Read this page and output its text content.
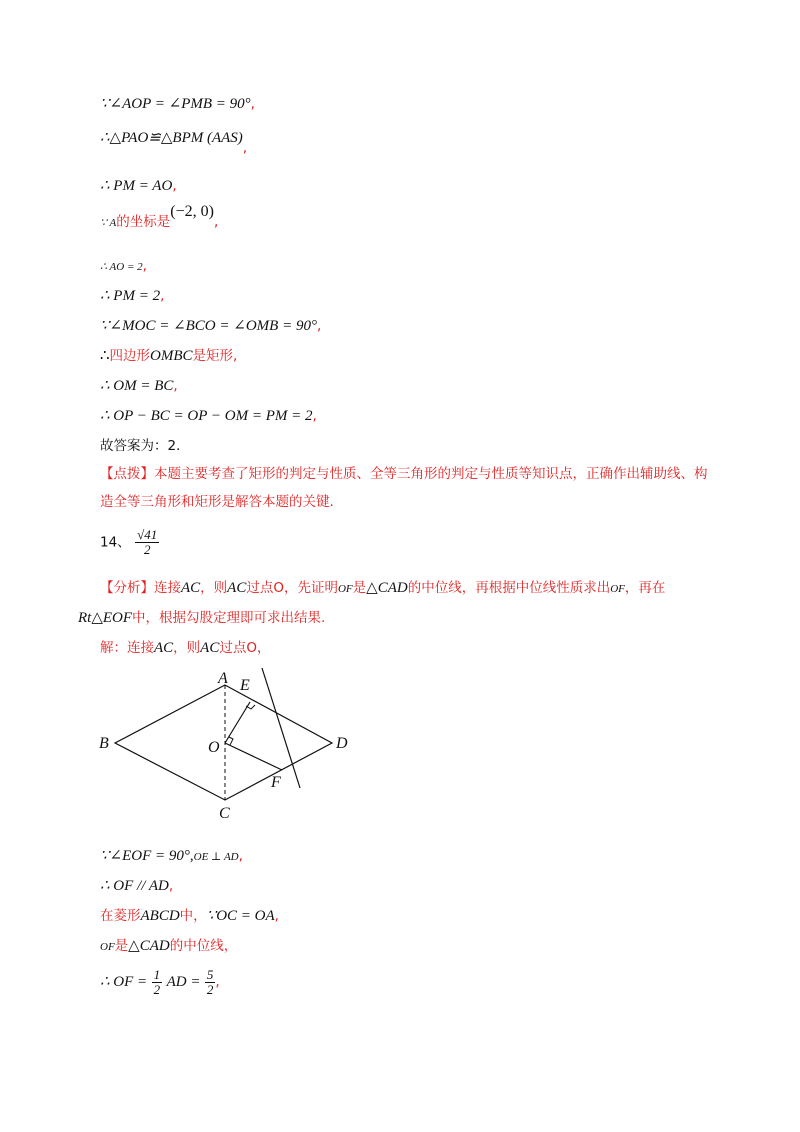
∵∠AOP = ∠PMB = 90°,
∴△PAO≌△BPM (AAS),
∴ PM = AO,
∵ A的坐标是(−2, 0),
∴ AO = 2,
∴ PM = 2,
∵∠MOC = ∠BCO = ∠OMB = 90°,
∴四边形OMBC是矩形,
∴ OM = BC,
∴ OP − BC = OP − OM = PM = 2,
故答案为：2．
【点拨】本题主要考查了矩形的判定与性质、全等三角形的判定与性质等知识点，正确作出辅助线、构造全等三角形和矩形是解答本题的关键.
14、 $\frac{√41}{2}$
【分析】连接AC，则AC过点O，先证明OF是△CAD的中位线，再根据中位线性质求出OF，再在
Rt△EOF中，根据勾股定理即可求出结果.
解：连接AC，则AC过点O，
A E
B	O	D
F
C
∵∠EOF = 90°,OE ⊥ AD,
∴ OF // AD,
在菱形ABCD中，∵OC = OA,
OF是△CAD的中位线，
∴ OF = $\frac{1}{2}$ AD = $\frac{5}{2}$ ,
